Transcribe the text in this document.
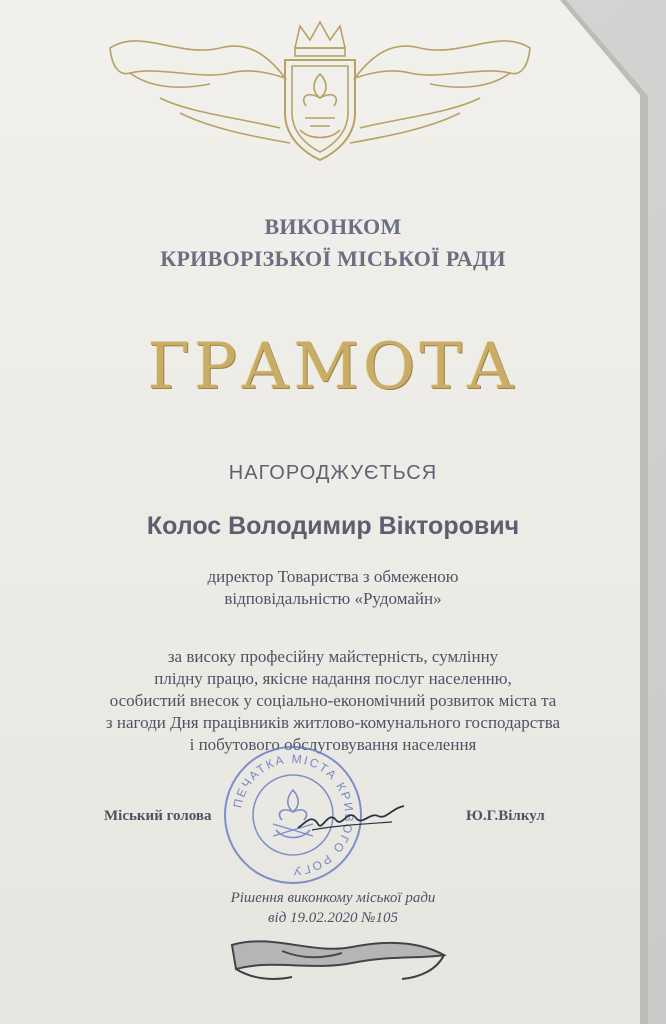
ВИКОНКОМ
КРИВОРІЗЬКОЇ МІСЬКОЇ РАДИ
ГРАМОТА
НАГОРОДЖУЄТЬСЯ
Колос Володимир Вікторович
директор Товариства з обмеженою
відповідальністю «Рудомайн»
за високу професійну майстерність, сумлінну
плідну працю, якісне надання послуг населенню,
особистий внесок у соціально-економічний розвиток міста та
з нагоди Дня працівників житлово-комунального господарства
і побутового обслуговування населення
ПЕЧАТКА МІСТА КРИВОГО РОГУ
Міський голова	Ю.Г.Вілкул
Рішення виконкому міської ради
від 19.02.2020 №105
